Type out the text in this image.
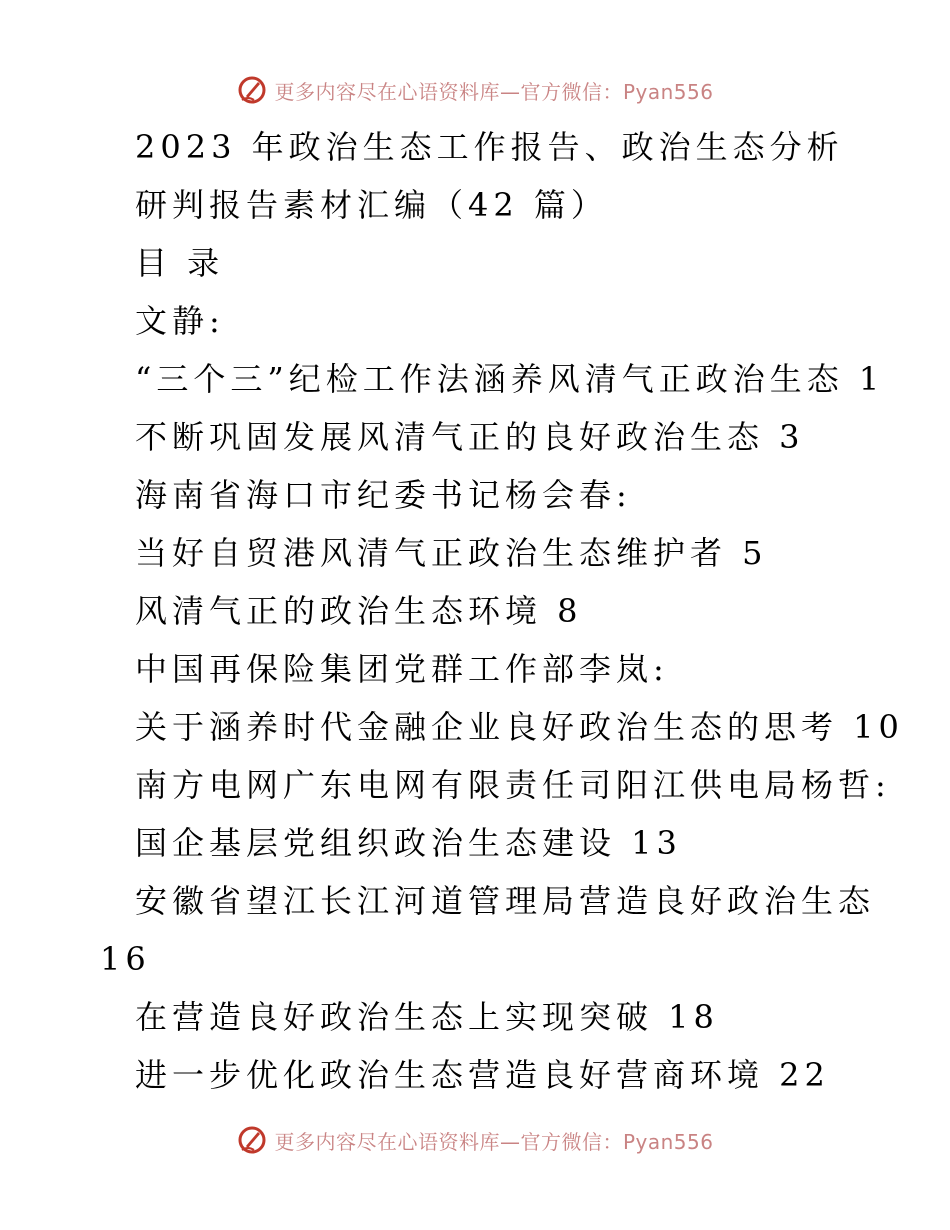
更多内容尽在心语资料库—官方微信：Pyan556
2023 年政治生态工作报告、政治生态分析
研判报告素材汇编（42 篇）
目 录
文静:
“三个三”纪检工作法涵养风清气正政治生态 1
不断巩固发展风清气正的良好政治生态 3
海南省海口市纪委书记杨会春:
当好自贸港风清气正政治生态维护者 5
风清气正的政治生态环境 8
中国再保险集团党群工作部李岚:
关于涵养时代金融企业良好政治生态的思考 10
南方电网广东电网有限责任司阳江供电局杨哲:
国企基层党组织政治生态建设 13
安徽省望江长江河道管理局营造良好政治生态
16
在营造良好政治生态上实现突破 18
进一步优化政治生态营造良好营商环境 22
更多内容尽在心语资料库—官方微信：Pyan556
